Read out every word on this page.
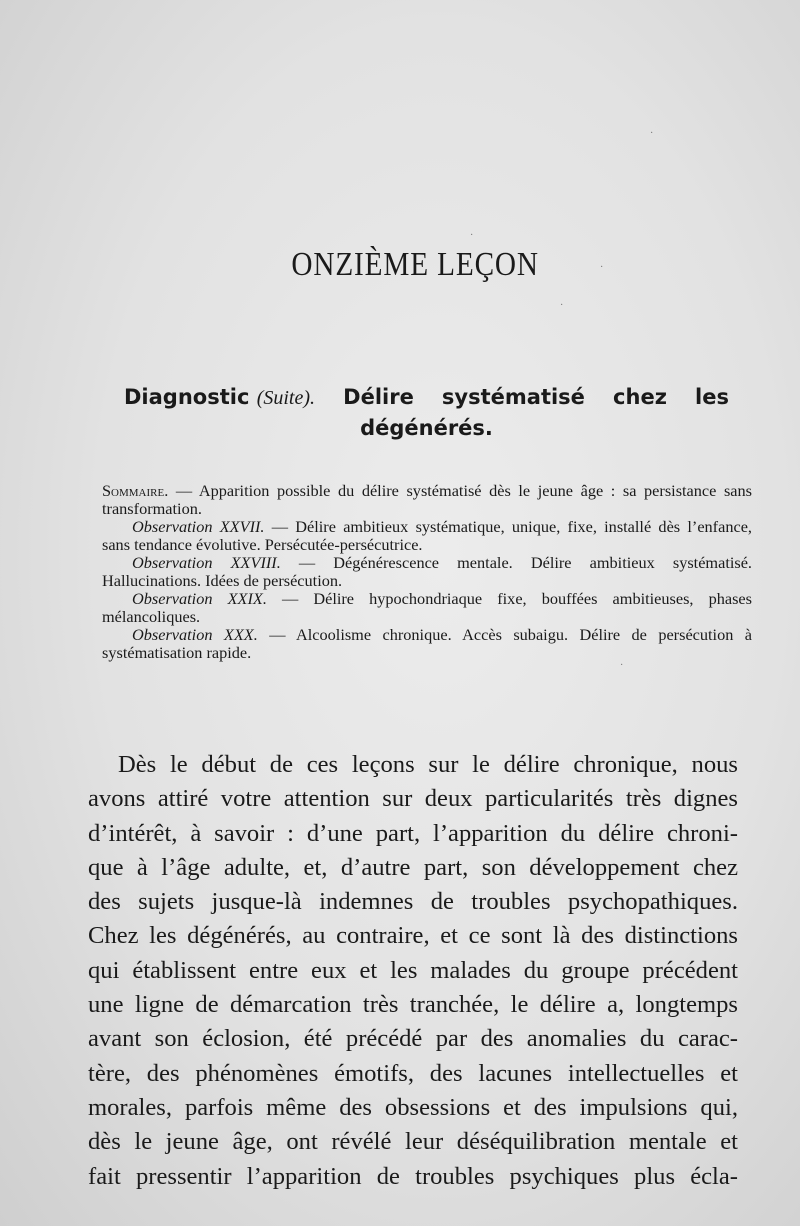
ONZIÈME LEÇON
Diagnostic (Suite). Délire systématisé chez les
dégénérés.

Sommaire. — Apparition possible du délire systématisé dès le jeune âge : sa persistance sans transformation.

Observation XXVII. — Délire ambitieux systématique, unique, fixe, installé dès l’enfance, sans tendance évolutive. Persécutée-persécutrice.

Observation XXVIII. — Dégénérescence mentale. Délire ambitieux systématisé. Hallucinations. Idées de persécution.

Observation XXIX. — Délire hypochondriaque fixe, bouffées ambitieuses, phases mélancoliques.

Observation XXX. — Alcoolisme chronique. Accès subaigu. Délire de persécution à systématisation rapide.

Dès le début de ces leçons sur le délire chronique, nous
avons attiré votre attention sur deux particularités très dignes
d’intérêt, à savoir : d’une part, l’apparition du délire chroni-
que à l’âge adulte, et, d’autre part, son développement chez
des sujets jusque-là indemnes de troubles psychopathiques.
Chez les dégénérés, au contraire, et ce sont là des distinctions
qui établissent entre eux et les malades du groupe précédent
une ligne de démarcation très tranchée, le délire a, longtemps
avant son éclosion, été précédé par des anomalies du carac-
tère, des phénomènes émotifs, des lacunes intellectuelles et
morales, parfois même des obsessions et des impulsions qui,
dès le jeune âge, ont révélé leur déséquilibration mentale et
fait pressentir l’apparition de troubles psychiques plus écla-
·
·
·
·
·
